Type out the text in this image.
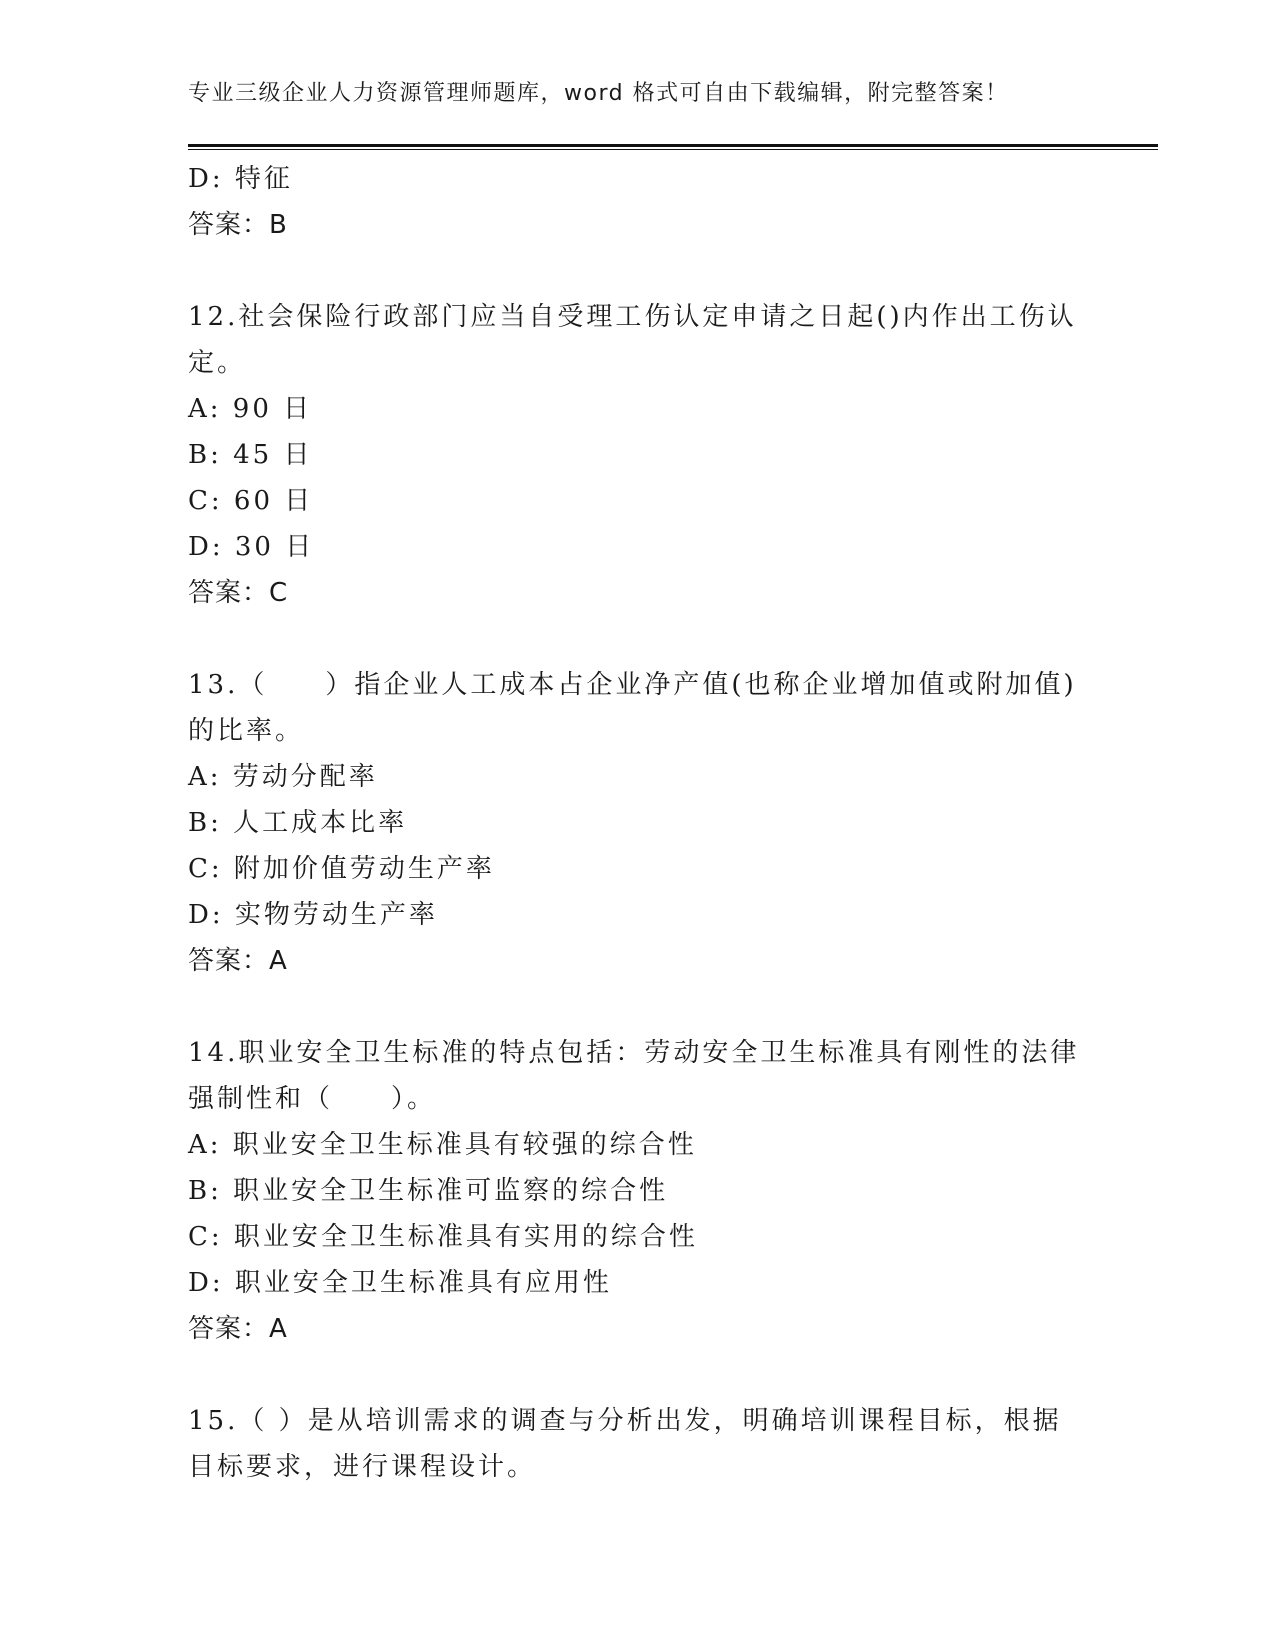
专业三级企业人力资源管理师题库，word 格式可自由下载编辑，附完整答案！
D: 特征
答案：B
12.社会保险行政部门应当自受理工伤认定申请之日起()内作出工伤认
定。
A: 90 日
B: 45 日
C: 60 日
D: 30 日
答案：C
13.（　　）指企业人工成本占企业净产值(也称企业增加值或附加值)
的比率。
A: 劳动分配率
B: 人工成本比率
C: 附加价值劳动生产率
D: 实物劳动生产率
答案：A
14.职业安全卫生标准的特点包括：劳动安全卫生标准具有刚性的法律
强制性和（　　）。
A: 职业安全卫生标准具有较强的综合性
B: 职业安全卫生标准可监察的综合性
C: 职业安全卫生标准具有实用的综合性
D: 职业安全卫生标准具有应用性
答案：A
15.（ ）是从培训需求的调查与分析出发，明确培训课程目标，根据
目标要求，进行课程设计。
